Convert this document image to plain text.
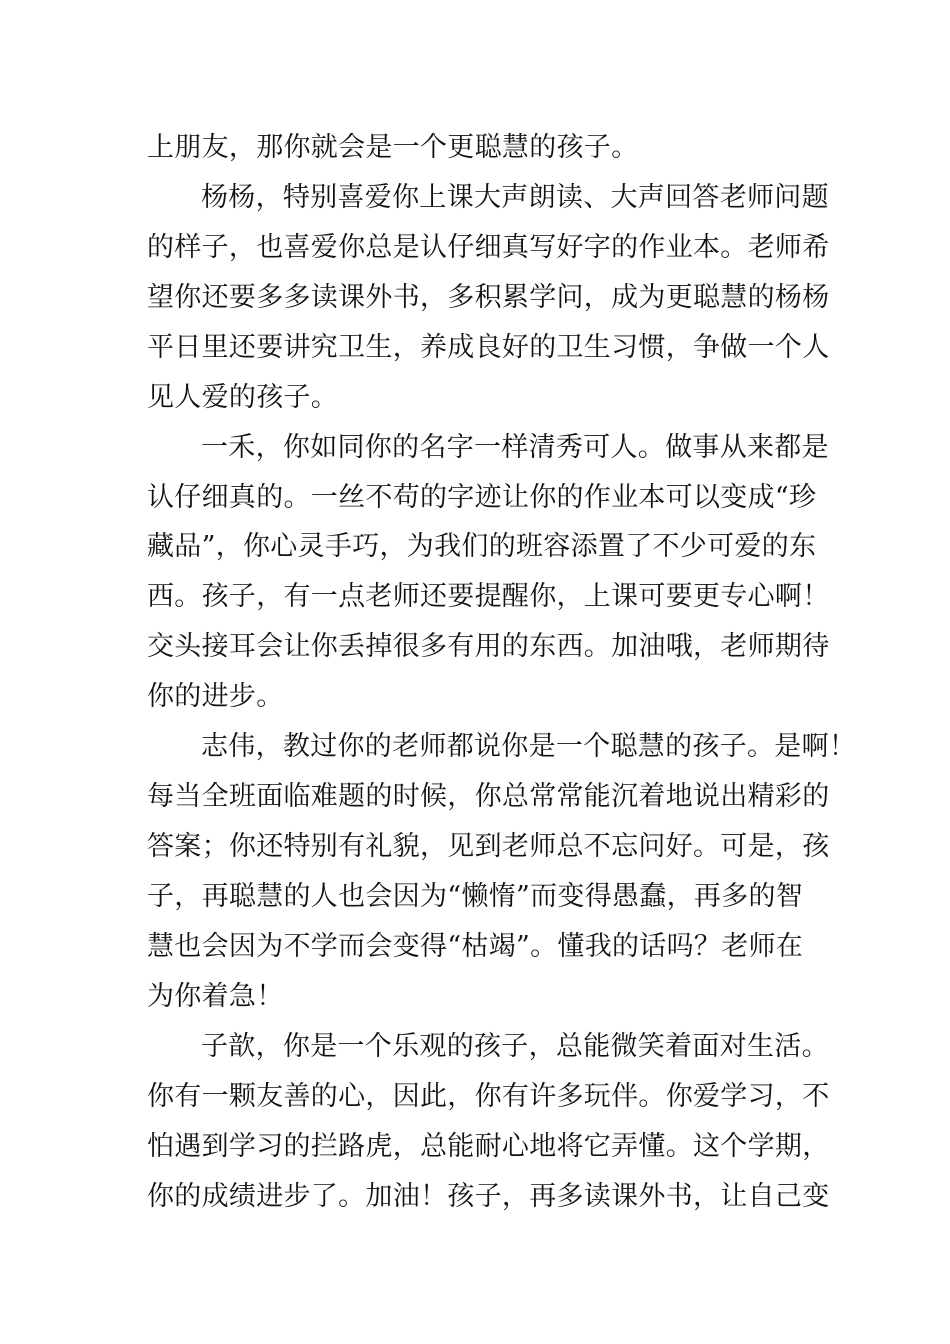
上朋友，那你就会是一个更聪慧的孩子。
杨杨，特别喜爱你上课大声朗读、大声回答老师问题
的样子，也喜爱你总是认仔细真写好字的作业本。老师希
望你还要多多读课外书，多积累学问，成为更聪慧的杨杨
平日里还要讲究卫生，养成良好的卫生习惯，争做一个人
见人爱的孩子。
一禾，你如同你的名字一样清秀可人。做事从来都是
认仔细真的。一丝不苟的字迹让你的作业本可以变成“珍
藏品”，你心灵手巧，为我们的班容添置了不少可爱的东
西。孩子，有一点老师还要提醒你，上课可要更专心啊！
交头接耳会让你丢掉很多有用的东西。加油哦，老师期待
你的进步。
志伟，教过你的老师都说你是一个聪慧的孩子。是啊！
每当全班面临难题的时候，你总常常能沉着地说出精彩的
答案；你还特别有礼貌，见到老师总不忘问好。可是，孩
子，再聪慧的人也会因为“懒惰”而变得愚蠢，再多的智
慧也会因为不学而会变得“枯竭”。懂我的话吗？老师在
为你着急！
子歆，你是一个乐观的孩子，总能微笑着面对生活。
你有一颗友善的心，因此，你有许多玩伴。你爱学习，不
怕遇到学习的拦路虎，总能耐心地将它弄懂。这个学期，
你的成绩进步了。加油！孩子，再多读课外书，让自己变
